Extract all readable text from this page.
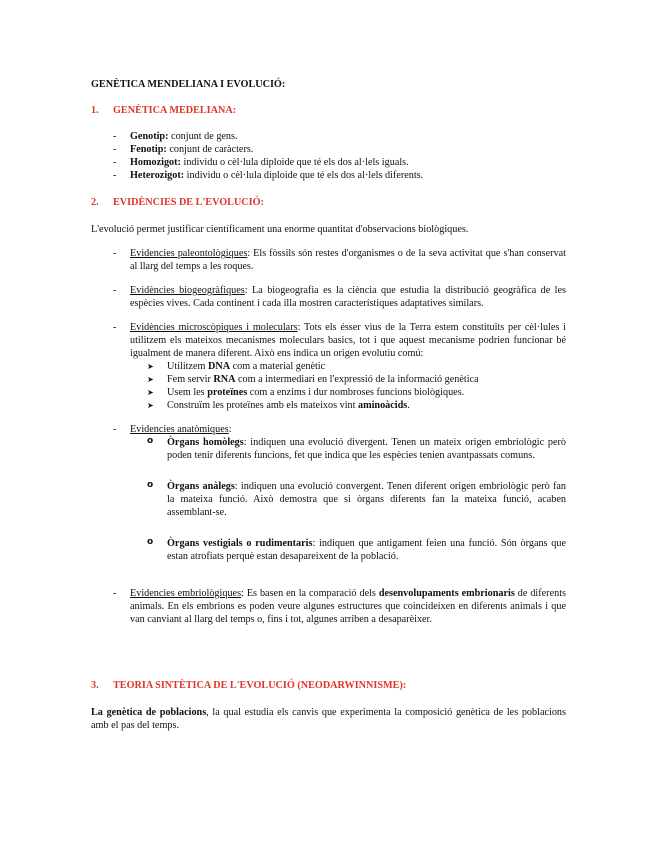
GENÈTICA MENDELIANA I EVOLUCIÓ:

1.	GENÈTICA MEDELIANA:

- Genotip: conjunt de gens.
- Fenotip: conjunt de caràcters.
- Homozigot: individu o cèl·lula diploide que té els dos al·lels iguals.
- Heterozigot: individu o cèl·lula diploide que té els dos al·lels diferents.

2.	EVIDÈNCIES DE L'EVOLUCIÓ:

L'evolució permet justificar científicament una enorme quantitat d'observacions biològiques.

- Evidencies paleontològiques: Els fòssils són restes d'organismes o de la seva activitat que s'han conservat al llarg del temps a les roques.
- Evidències biogeogràfiques: La biogeografia es la ciència que estudia la distribució geogràfica de les espècies vives. Cada continent i cada illa mostren característiques adaptatives similars.
- Evidències microscòpiques i moleculars: Tots els ésser vius de la Terra estem constituïts per cèl·lules i utilitzem els mateixos mecanismes moleculars basics, tot i que aquest mecanisme podrien funcionar bé igualment de manera diferent. Això ens indica un origen evolutiu comú:
➤ Utilitzem DNA com a material genètic
➤ Fem servir RNA com a intermediari en l'expressió de la informació genètica
➤ Usem les proteïnes com a enzims i dur nombroses funcions biològiques.
➤ Construïm les proteïnes amb els mateixos vint aminoàcids.
- Evidencies anatòmiques:
o Òrgans homòlegs: indiquen una evolució divergent. Tenen un mateix origen embriològic però poden tenir diferents funcions, fet que indica que les espècies tenien avantpassats comuns.
o Òrgans anàlegs: indiquen una evolució convergent. Tenen diferent origen embriològic però fan la mateixa funció. Això demostra que si òrgans diferents fan la mateixa funció, acaben assemblant-se.
o Òrgans vestigials o rudimentaris: indiquen que antigament feien una funció. Són òrgans que estan atrofiats perquè estan desapareixent de la població.
- Evidencies embriològiques: Es basen en la comparació dels desenvolupaments embrionaris de diferents animals. En els embrions es poden veure algunes estructures que coincideixen en diferents animals i que van canviant al llarg del temps o, fins i tot, algunes arriben a desaparèixer.

3.	TEORIA SINTÈTICA DE L'EVOLUCIÓ (NEODARWINNISME):

La genètica de poblacions, la qual estudia els canvis que experimenta la composició genètica de les poblacions amb el pas del temps.
